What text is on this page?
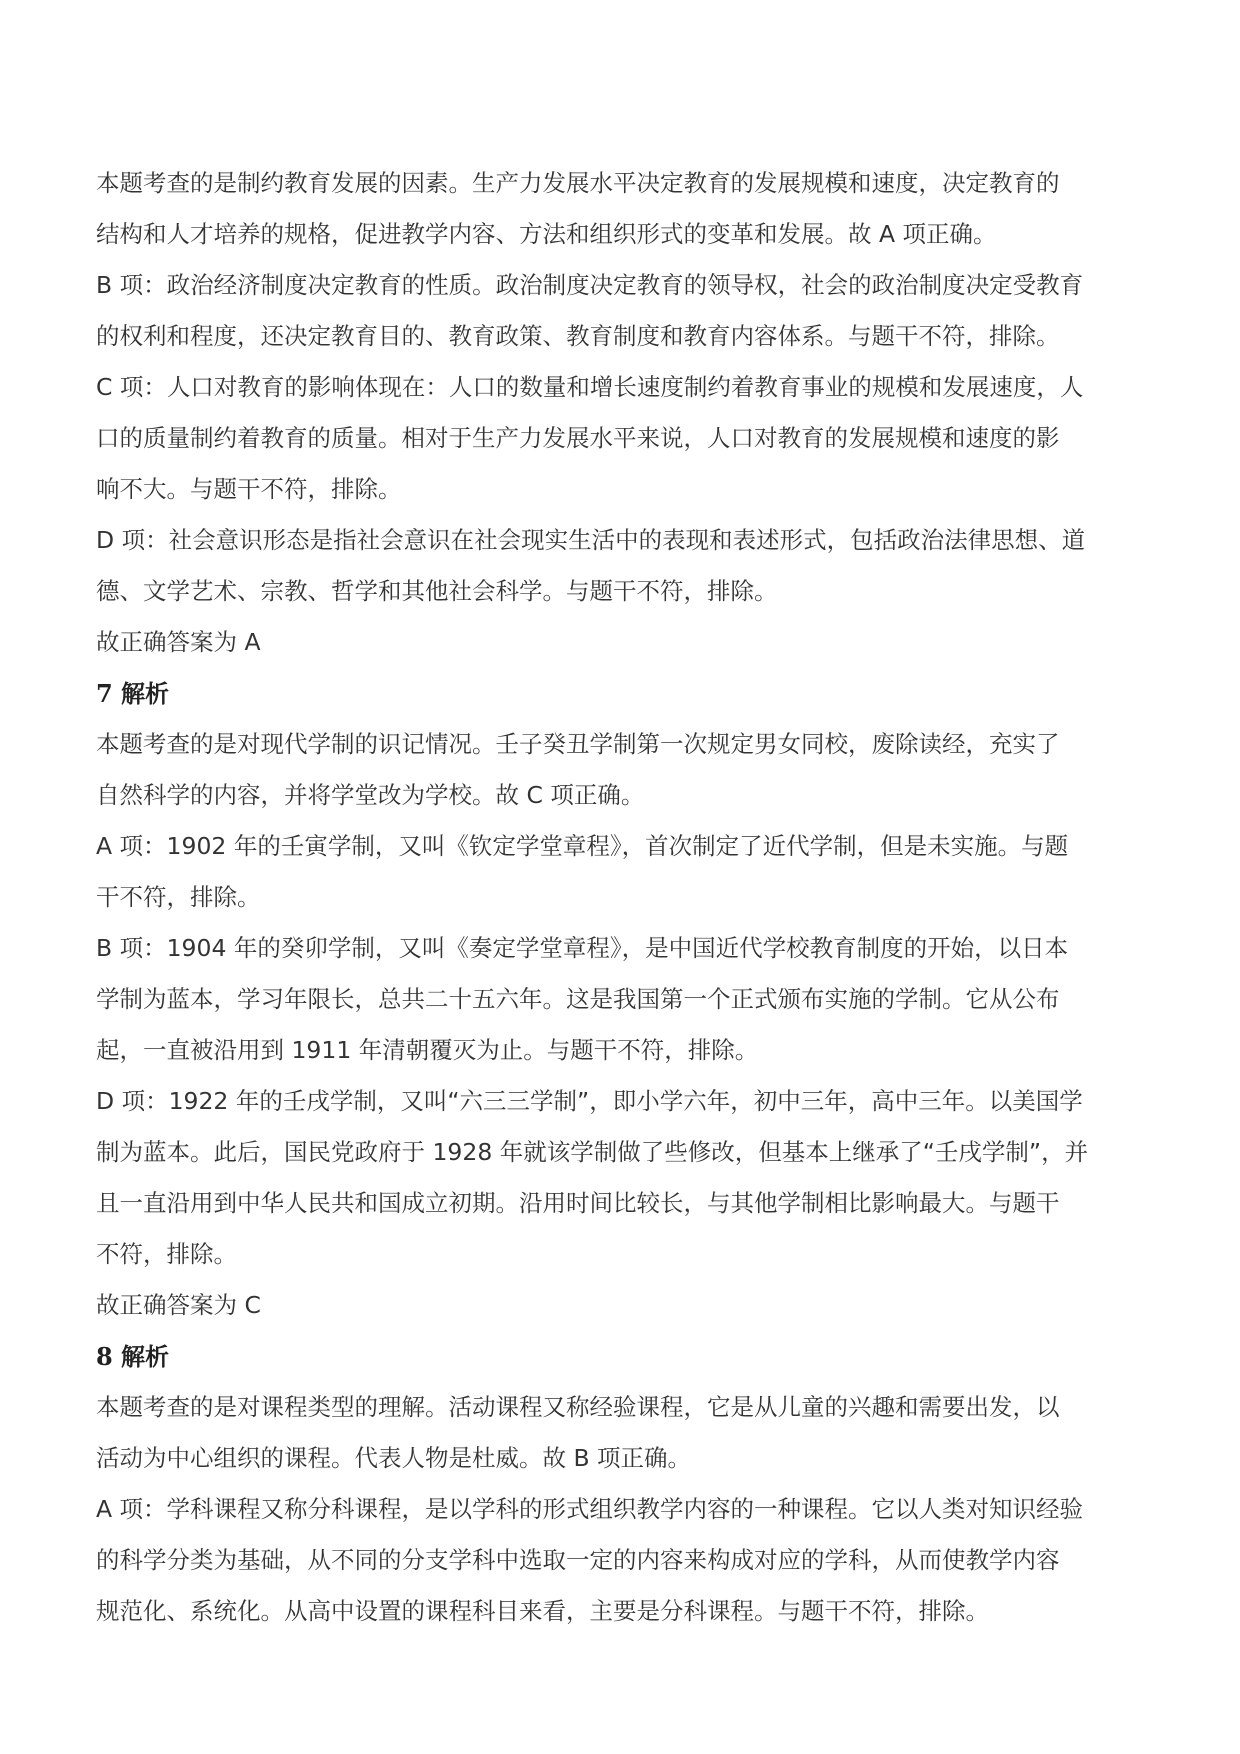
本题考查的是制约教育发展的因素。生产力发展水平决定教育的发展规模和速度，决定教育的

结构和人才培养的规格，促进教学内容、方法和组织形式的变革和发展。故 A 项正确。

B 项：政治经济制度决定教育的性质。政治制度决定教育的领导权，社会的政治制度决定受教育

的权利和程度，还决定教育目的、教育政策、教育制度和教育内容体系。与题干不符，排除。

C 项：人口对教育的影响体现在：人口的数量和增长速度制约着教育事业的规模和发展速度，人

口的质量制约着教育的质量。相对于生产力发展水平来说，人口对教育的发展规模和速度的影

响不大。与题干不符，排除。

D 项：社会意识形态是指社会意识在社会现实生活中的表现和表述形式，包括政治法律思想、道

德、文学艺术、宗教、哲学和其他社会科学。与题干不符，排除。

故正确答案为 A

7 解析

本题考查的是对现代学制的识记情况。壬子癸丑学制第一次规定男女同校，废除读经，充实了

自然科学的内容，并将学堂改为学校。故 C 项正确。

A 项：1902 年的壬寅学制，又叫《钦定学堂章程》，首次制定了近代学制，但是未实施。与题

干不符，排除。

B 项：1904 年的癸卯学制，又叫《奏定学堂章程》，是中国近代学校教育制度的开始，以日本

学制为蓝本，学习年限长，总共二十五六年。这是我国第一个正式颁布实施的学制。它从公布

起，一直被沿用到 1911 年清朝覆灭为止。与题干不符，排除。

D 项：1922 年的壬戌学制，又叫“六三三学制”，即小学六年，初中三年，高中三年。以美国学

制为蓝本。此后，国民党政府于 1928 年就该学制做了些修改，但基本上继承了“壬戌学制”，并

且一直沿用到中华人民共和国成立初期。沿用时间比较长，与其他学制相比影响最大。与题干

不符，排除。

故正确答案为 C

8 解析

本题考查的是对课程类型的理解。活动课程又称经验课程，它是从儿童的兴趣和需要出发，以

活动为中心组织的课程。代表人物是杜威。故 B 项正确。

A 项：学科课程又称分科课程，是以学科的形式组织教学内容的一种课程。它以人类对知识经验

的科学分类为基础，从不同的分支学科中选取一定的内容来构成对应的学科，从而使教学内容

规范化、系统化。从高中设置的课程科目来看，主要是分科课程。与题干不符，排除。
